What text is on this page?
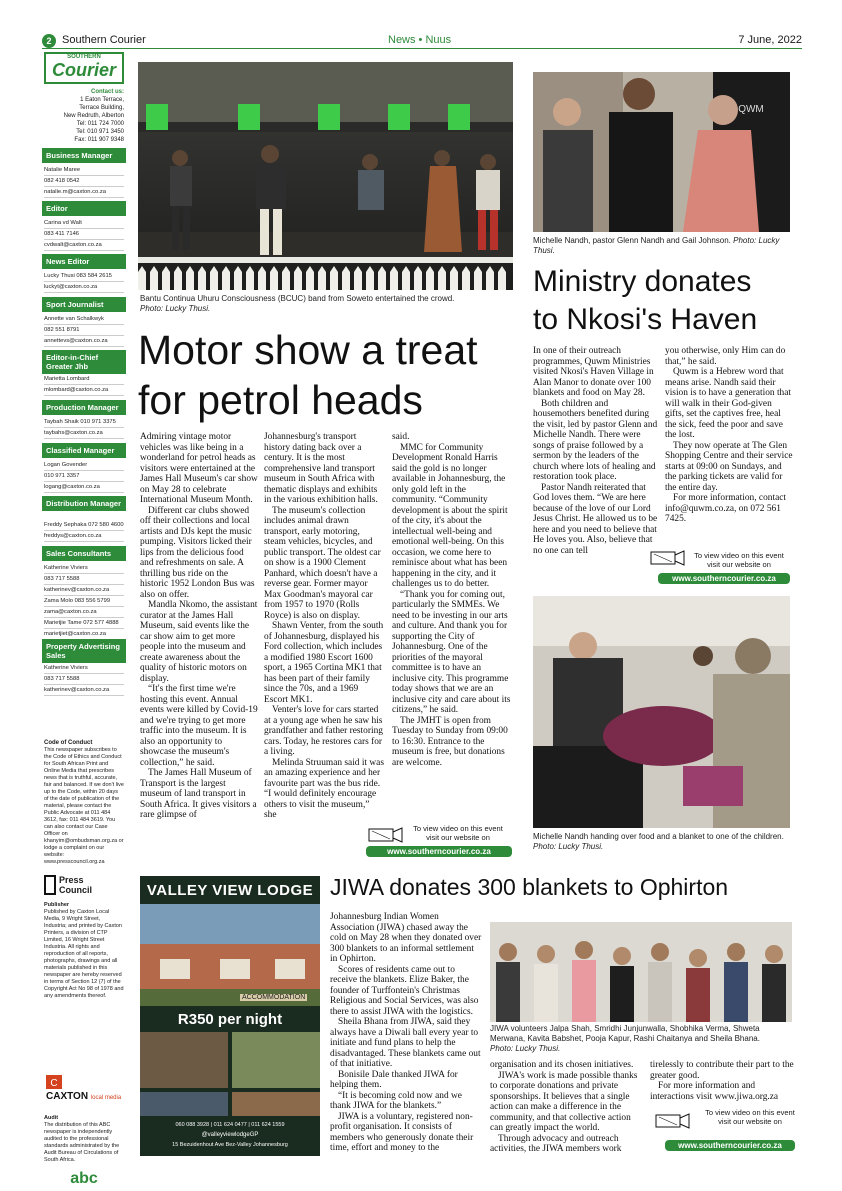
2 Southern Courier	News • Nuus	7 June, 2022
SOUTHERN
Courier
Contact us:
1 Eaton Terrace,
Terrace Building,
New Redruth, Alberton
Tel: 011 724 7000
Tel: 010 971 3450
Fax: 011 907 9348
Business Manager
Natalie Maree
082 418 0542
natalie.m@caxton.co.za
Editor
Carina vd Walt
083 411 7146
cvdwalt@caxton.co.za
News Editor
Lucky Thusi 083 584 2615
luckyt@caxton.co.za
Sport Journalist
Annette van Schalkwyk
082 551 8791
annettevs@caxton.co.za
Editor-in-Chief Greater Jhb
Marietta Lombard
mlombard@caxton.co.za
Production Manager
Taybah Shaik 010 971 3375
taybahs@caxton.co.za
Classified Manager
Logan Govender
010 971 3357
logang@caxton.co.za
Distribution Manager
Freddy Sephaka 072 580 4600
freddys@caxton.co.za
Sales Consultants
Katherine Viviers
083 717 5588
katherinev@caxton.co.za
Zama Molo 083 556 5799
zama@caxton.co.za
Marietjie Tame 072 577 4888
marietjiet@caxton.co.za
Property Advertising Sales
Katherine Viviers
083 717 5588
katherinev@caxton.co.za
Code of Conduct
This newspaper subscribes to the Code of Ethics and Conduct for South African Print and Online Media that prescribes news that is truthful, accurate, fair and balanced. If we don't live up to the Code, within 20 days of the date of publication of the material, please contact the Public Advocate at 011 484 3612, fax: 011 484 3619. You can also contact our Case Officer on khanyim@ombudsman.org.za or lodge a complaint on our website: www.presscouncil.org.za
Press Council
Publisher
Published by Caxton Local Media, 9 Wright Street, Industria; and printed by Caxton Printers, a division of CTP Limited, 16 Wright Street Industria. All rights and reproduction of all reports, photographs, drawings and all materials published in this newspaper are hereby reserved in terms of Section 12 (7) of the Copyright Act No 98 of 1978 and any amendments thereof.
C
CAXTON local media
Audit
The distribution of this ABC newspaper is independently audited to the professional standards administrated by the Audit Bureau of Circulations of South Africa.
abc
Bantu Continua Uhuru Consciousness (BCUC) band from Soweto entertained the crowd.
Photo: Lucky Thusi.
Motor show a treat
for petrol heads

Admiring vintage motor vehicles was like being in a wonderland for petrol heads as visitors were entertained at the James Hall Museum's car show on May 28 to celebrate International Museum Month.

Different car clubs showed off their collections and local artists and DJs kept the music pumping. Visitors licked their lips from the delicious food and refreshments on sale. A thrilling bus ride on the historic 1952 London Bus was also on offer.

Mandla Nkomo, the assistant curator at the James Hall Museum, said events like the car show aim to get more people into the museum and create awareness about the quality of historic motors on display.

“It's the first time we're hosting this event. Annual events were killed by Covid-19 and we're trying to get more traffic into the museum. It is also an opportunity to showcase the museum's collection,” he said.

The James Hall Museum of Transport is the largest museum of land transport in South Africa. It gives visitors a rare glimpse of

Johannesburg's transport history dating back over a century. It is the most comprehensive land transport museum in South Africa with thematic displays and exhibits in the various exhibition halls.

The museum's collection includes animal drawn transport, early motoring, steam vehicles, bicycles, and public transport. The oldest car on show is a 1900 Clement Panhard, which doesn't have a reverse gear. Former mayor Max Goodman's mayoral car from 1957 to 1970 (Rolls Royce) is also on display.

Shawn Venter, from the south of Johannesburg, displayed his Ford collection, which includes a modified 1980 Escort 1600 sport, a 1965 Cortina MK1 that has been part of their family since the 70s, and a 1969 Escort MK1.

Venter's love for cars started at a young age when he saw his grandfather and father restoring cars. Today, he restores cars for a living.

Melinda Struuman said it was an amazing experience and her favourite part was the bus ride. “I would definitely encourage others to visit the museum,” she

said.

MMC for Community Development Ronald Harris said the gold is no longer available in Johannesburg, the only gold left in the community. “Community development is about the spirit of the city, it's about the intellectual well-being and emotional well-being. On this occasion, we come here to reminisce about what has been happening in the city, and it challenges us to do better.

“Thank you for coming out, particularly the SMMEs. We need to be investing in our arts and culture. And thank you for supporting the City of Johannesburg. One of the priorities of the mayoral committee is to have an inclusive city. This programme today shows that we are an inclusive city and care about its citizens,” he said.

The JMHT is open from Tuesday to Sunday from 09:00 to 16:30. Entrance to the museum is free, but donations are welcome.

To view video on this event visit our website on
www.southerncourier.co.za
QWM
Michelle Nandh, pastor Glenn Nandh and Gail Johnson. Photo: Lucky Thusi.
Ministry donates
to Nkosi's Haven

In one of their outreach programmes, Quwm Ministries visited Nkosi's Haven Village in Alan Manor to donate over 100 blankets and food on May 28.

Both children and housemothers benefited during the visit, led by pastor Glenn and Michelle Nandh. There were songs of praise followed by a sermon by the leaders of the church where lots of healing and restoration took place.

Pastor Nandh reiterated that God loves them. “We are here because of the love of our Lord Jesus Christ. He allowed us to be here and you need to believe that He loves you. Also, believe that no one can tell

you otherwise, only Him can do that,” he said.

Quwm is a Hebrew word that means arise. Nandh said their vision is to have a generation that will walk in their God-given gifts, set the captives free, heal the sick, feed the poor and save the lost.

They now operate at The Glen Shopping Centre and their service starts at 09:00 on Sundays, and the parking tickets are valid for the entire day.

For more information, contact info@quwm.co.za, on 072 561 7425.

To view video on this event visit our website on
www.southerncourier.co.za
Michelle Nandh handing over food and a blanket to one of the children. Photo: Lucky Thusi.
VALLEY VIEW LODGE
ACCOMMODATION
R350 per night
060 088 3928 | 011 624 0477 | 011 624 1559
@valleyviewlodgeGP
15 Bezuidenhout Ave Bez-Valley Johannesburg
JIWA donates 300 blankets to Ophirton
JIWA volunteers Jalpa Shah, Smridhi Junjunwalla, Shobhika Verma, Shweta Merwana, Kavita Babshet, Pooja Kapur, Rashi Chaitanya and Sheila Bhana.
Photo: Lucky Thusi.

Johannesburg Indian Women Association (JIWA) chased away the cold on May 28 when they donated over 300 blankets to an informal settlement in Ophirton.

Scores of residents came out to receive the blankets. Elize Baker, the founder of Turffontein's Christmas Religious and Social Services, was also there to assist JIWA with the logistics.

Sheila Bhana from JIWA, said they always have a Diwali ball every year to initiate and fund plans to help the disadvantaged. These blankets came out of that initiative.

Bonisile Dale thanked JIWA for helping them.

“It is becoming cold now and we thank JIWA for the blankets.”

JIWA is a voluntary, registered non-profit organisation. It consists of members who generously donate their time, effort and money to the

organisation and its chosen initiatives.

JIWA's work is made possible thanks to corporate donations and private sponsorships. It believes that a single action can make a difference in the community, and that collective action can greatly impact the world.

Through advocacy and outreach activities, the JIWA members work

tirelessly to contribute their part to the greater good.

For more information and interactions visit www.jiwa.org.za

To view video on this event visit our website on
www.southerncourier.co.za
